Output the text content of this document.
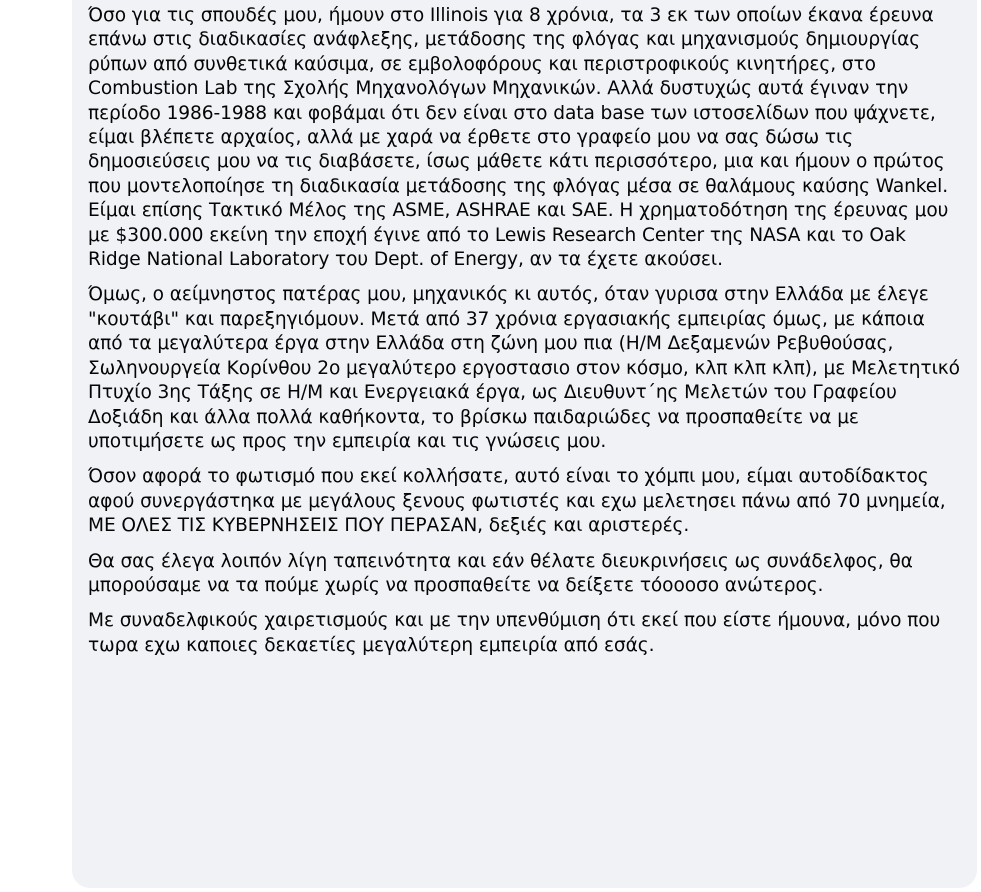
Όσο για τις σπουδές μου, ήμουν στο Illinois για 8 χρόνια, τα 3 εκ των οποίων έκανα έρευνα επάνω στις διαδικασίες ανάφλεξης, μετάδοσης της φλόγας και μηχανισμούς δημιουργίας ρύπων από συνθετικά καύσιμα, σε εμβολοφόρους και περιστροφικούς κινητήρες, στο Combustion Lab της Σχολής Μηχανολόγων Μηχανικών. Αλλά δυστυχώς αυτά έγιναν την περίοδο 1986-1988 και φοβάμαι ότι δεν είναι στο data base των ιστοσελίδων που ψάχνετε, είμαι βλέπετε αρχαίος, αλλά με χαρά να έρθετε στο γραφείο μου να σας δώσω τις δημοσιεύσεις μου να τις διαβάσετε, ίσως μάθετε κάτι περισσότερο, μια και ήμουν ο πρώτος που μοντελοποίησε τη διαδικασία μετάδοσης της φλόγας μέσα σε θαλάμους καύσης Wankel. Είμαι επίσης Τακτικό Μέλος της ASME, ASHRAE και SAE. Η χρηματοδότηση της έρευνας μου με $300.000 εκείνη την εποχή έγινε από το Lewis Research Center της NASA και το Oak Ridge National Laboratory του Dept. of Energy, αν τα έχετε ακούσει.

Όμως, ο αείμνηστος πατέρας μου, μηχανικός κι αυτός, όταν γυρισα στην Ελλάδα με έλεγε "κουτάβι" και παρεξηγιόμουν. Μετά από 37 χρόνια εργασιακής εμπειρίας όμως, με κάποια από τα μεγαλύτερα έργα στην Ελλάδα στη ζώνη μου πια (Η/Μ Δεξαμενών Ρεβυθούσας, Σωληνουργεία Κορίνθου 2ο μεγαλύτερο εργοστασιο στον κόσμο, κλπ κλπ κλπ), με Μελετητικό Πτυχίο 3ης Τάξης σε Η/Μ και Ενεργειακά έργα, ως Διευθυντ΄ης Μελετών του Γραφείου Δοξιάδη και άλλα πολλά καθήκοντα, το βρίσκω παιδαριώδες να προσπαθείτε να με υποτιμήσετε ως προς την εμπειρία και τις γνώσεις μου.

Όσον αφορά το φωτισμό που εκεί κολλήσατε, αυτό είναι το χόμπι μου, είμαι αυτοδίδακτος αφού συνεργάστηκα με μεγάλους ξενους φωτιστές και εχω μελετησει πάνω από 70 μνημεία, ΜΕ ΟΛΕΣ ΤΙΣ ΚΥΒΕΡΝΗΣΕΙΣ ΠΟΥ ΠΕΡΑΣΑΝ, δεξιές και αριστερές.

Θα σας έλεγα λοιπόν λίγη ταπεινότητα και εάν θέλατε διευκρινήσεις ως συνάδελφος, θα μπορούσαμε να τα πούμε χωρίς να προσπαθείτε να δείξετε τόοοοσο ανώτερος.

Με συναδελφικούς χαιρετισμούς και με την υπενθύμιση ότι εκεί που είστε ήμουνα, μόνο που τωρα εχω καποιες δεκαετίες μεγαλύτερη εμπειρία από εσάς.
